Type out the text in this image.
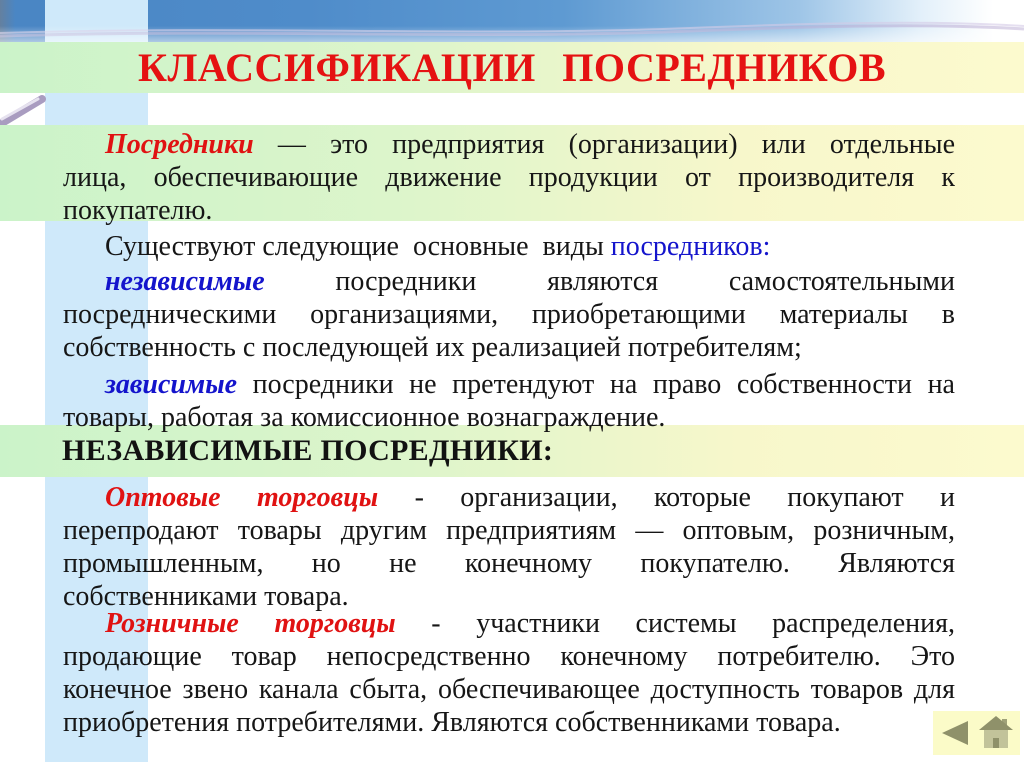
КЛАССИФИКАЦИИ ПОСРЕДНИКОВ
Посредники — это предприятия (организации) или отдельные
лица, обеспечивающие движение продукции от производителя к
покупателю.
Существуют следующие  основные  виды посредников:
независимые посредники являются самостоятельными
посредническими организациями, приобретающими материалы в
собственность с последующей их реализацией потребителям;
зависимые посредники не претендуют на право собственности на
товары, работая за комиссионное вознаграждение.
НЕЗАВИСИМЫЕ ПОСРЕДНИКИ:
Оптовые торговцы - организации, которые покупают и
перепродают товары другим предприятиям — оптовым, розничным,
промышленным, но не конечному покупателю. Являются
собственниками товара.
Розничные торговцы - участники системы распределения,
продающие товар непосредственно конечному потребителю. Это
конечное звено канала сбыта, обеспечивающее доступность товаров для
приобретения потребителями. Являются собственниками товара.
